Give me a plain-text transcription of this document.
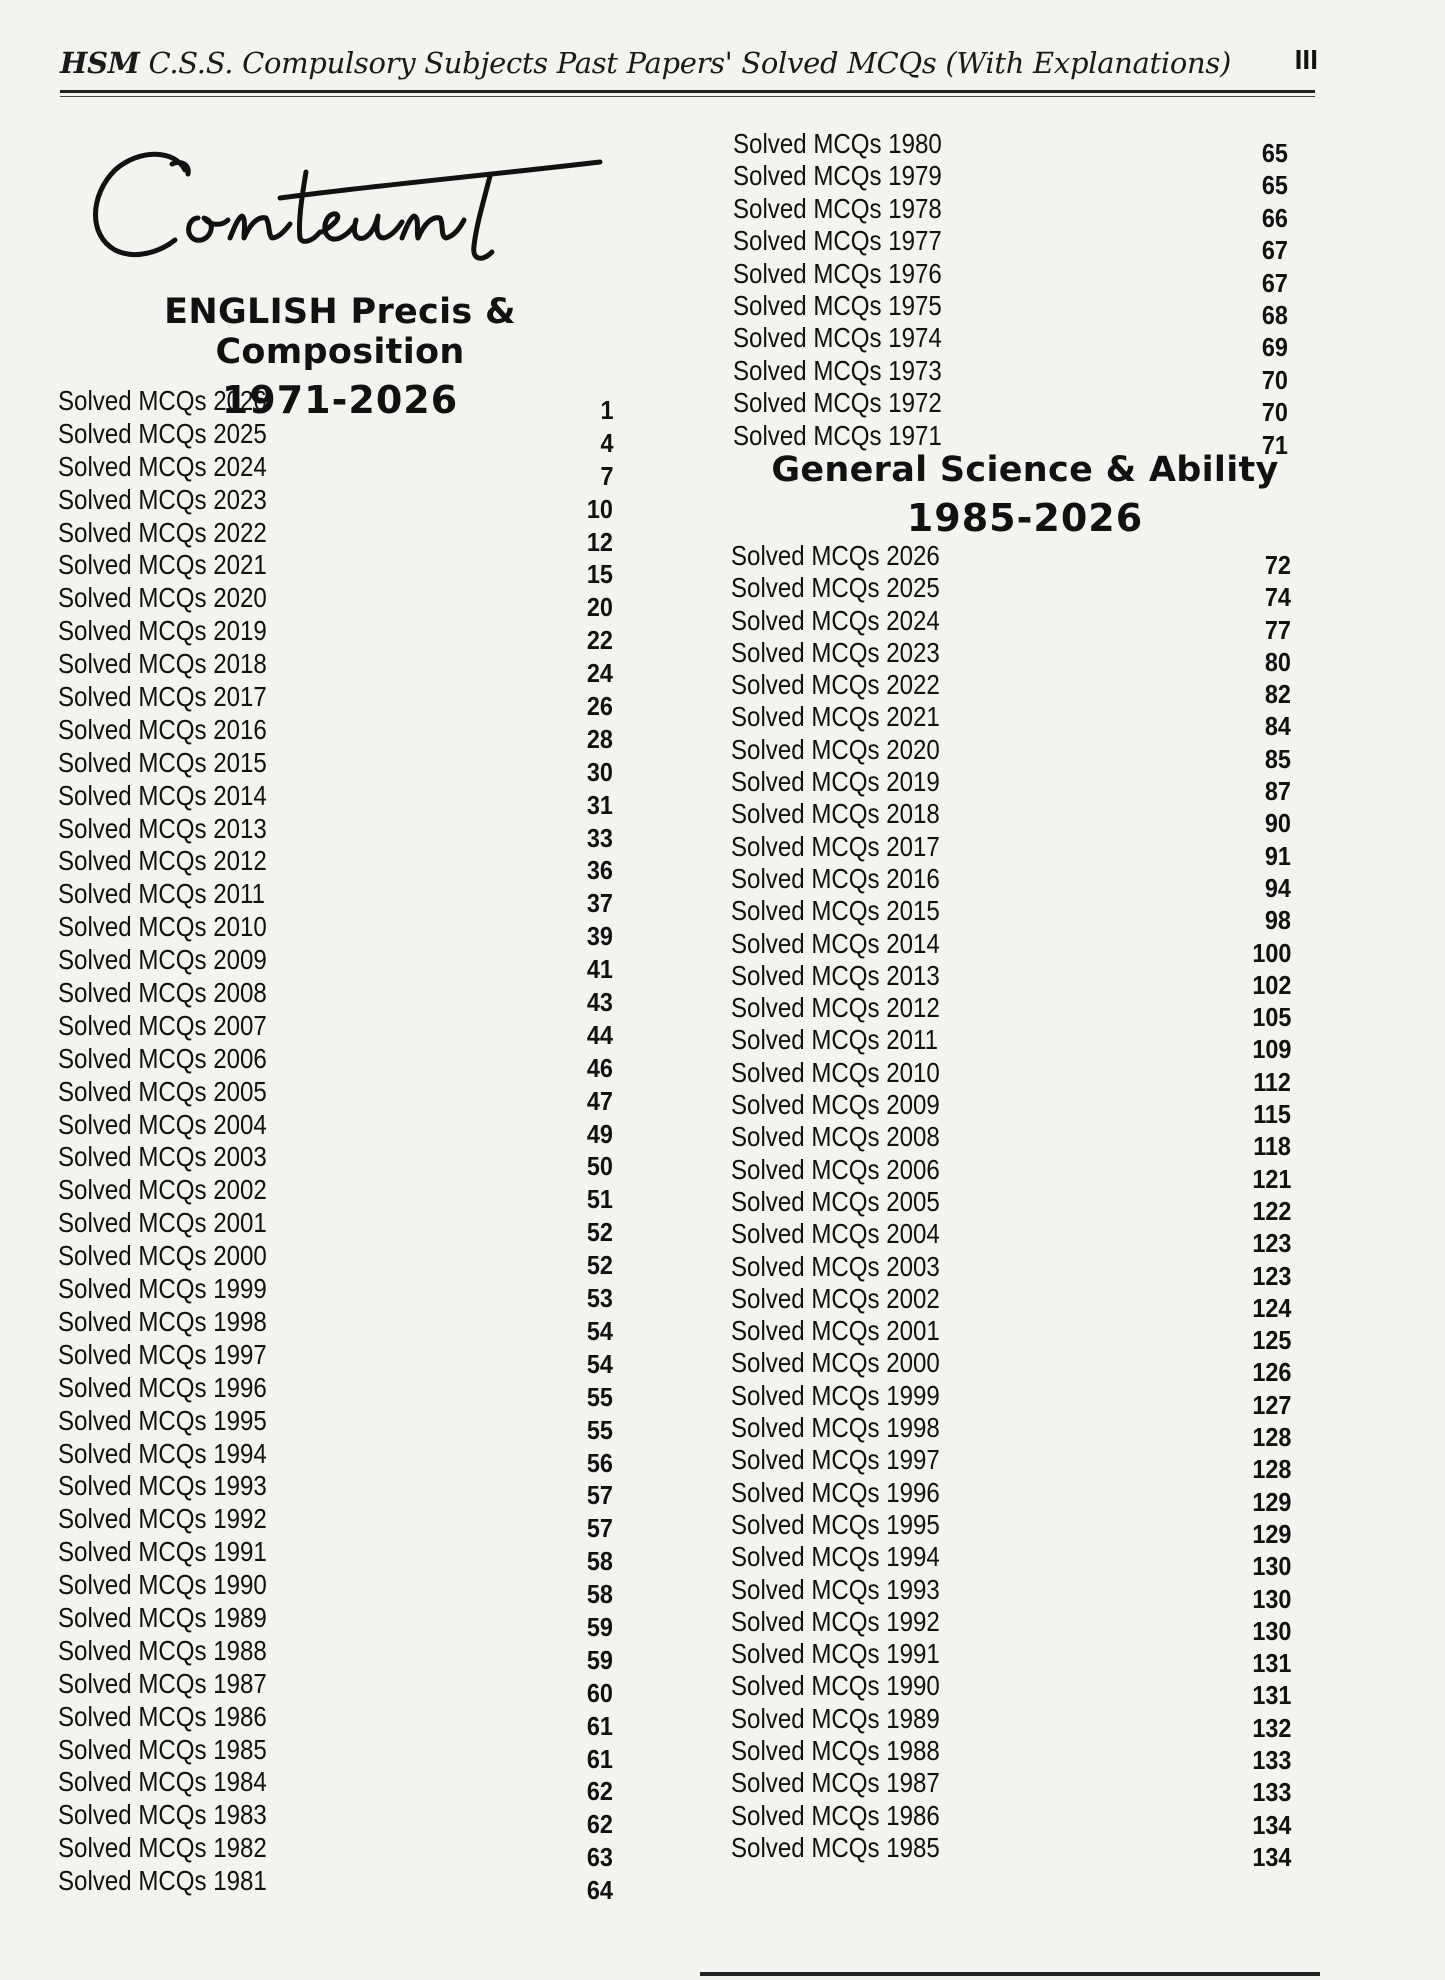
HSM C.S.S. Compulsory Subjects Past Papers' Solved MCQs (With Explanations) III
ENGLISH Precis & Composition
1971-2026
Solved MCQs 2026	1
Solved MCQs 2025	4
Solved MCQs 2024	7
Solved MCQs 2023	10
Solved MCQs 2022	12
Solved MCQs 2021	15
Solved MCQs 2020	20
Solved MCQs 2019	22
Solved MCQs 2018	24
Solved MCQs 2017	26
Solved MCQs 2016	28
Solved MCQs 2015	30
Solved MCQs 2014	31
Solved MCQs 2013	33
Solved MCQs 2012	36
Solved MCQs 2011	37
Solved MCQs 2010	39
Solved MCQs 2009	41
Solved MCQs 2008	43
Solved MCQs 2007	44
Solved MCQs 2006	46
Solved MCQs 2005	47
Solved MCQs 2004	49
Solved MCQs 2003	50
Solved MCQs 2002	51
Solved MCQs 2001	52
Solved MCQs 2000	52
Solved MCQs 1999	53
Solved MCQs 1998	54
Solved MCQs 1997	54
Solved MCQs 1996	55
Solved MCQs 1995	55
Solved MCQs 1994	56
Solved MCQs 1993	57
Solved MCQs 1992	57
Solved MCQs 1991	58
Solved MCQs 1990	58
Solved MCQs 1989	59
Solved MCQs 1988	59
Solved MCQs 1987	60
Solved MCQs 1986	61
Solved MCQs 1985	61
Solved MCQs 1984	62
Solved MCQs 1983	62
Solved MCQs 1982	63
Solved MCQs 1981	64
Solved MCQs 1980	65
Solved MCQs 1979	65
Solved MCQs 1978	66
Solved MCQs 1977	67
Solved MCQs 1976	67
Solved MCQs 1975	68
Solved MCQs 1974	69
Solved MCQs 1973	70
Solved MCQs 1972	70
Solved MCQs 1971	71
General Science & Ability
1985-2026
Solved MCQs 2026	72
Solved MCQs 2025	74
Solved MCQs 2024	77
Solved MCQs 2023	80
Solved MCQs 2022	82
Solved MCQs 2021	84
Solved MCQs 2020	85
Solved MCQs 2019	87
Solved MCQs 2018	90
Solved MCQs 2017	91
Solved MCQs 2016	94
Solved MCQs 2015	98
Solved MCQs 2014	100
Solved MCQs 2013	102
Solved MCQs 2012	105
Solved MCQs 2011	109
Solved MCQs 2010	112
Solved MCQs 2009	115
Solved MCQs 2008	118
Solved MCQs 2006	121
Solved MCQs 2005	122
Solved MCQs 2004	123
Solved MCQs 2003	123
Solved MCQs 2002	124
Solved MCQs 2001	125
Solved MCQs 2000	126
Solved MCQs 1999	127
Solved MCQs 1998	128
Solved MCQs 1997	128
Solved MCQs 1996	129
Solved MCQs 1995	129
Solved MCQs 1994	130
Solved MCQs 1993	130
Solved MCQs 1992	130
Solved MCQs 1991	131
Solved MCQs 1990	131
Solved MCQs 1989	132
Solved MCQs 1988	133
Solved MCQs 1987	133
Solved MCQs 1986	134
Solved MCQs 1985	134
